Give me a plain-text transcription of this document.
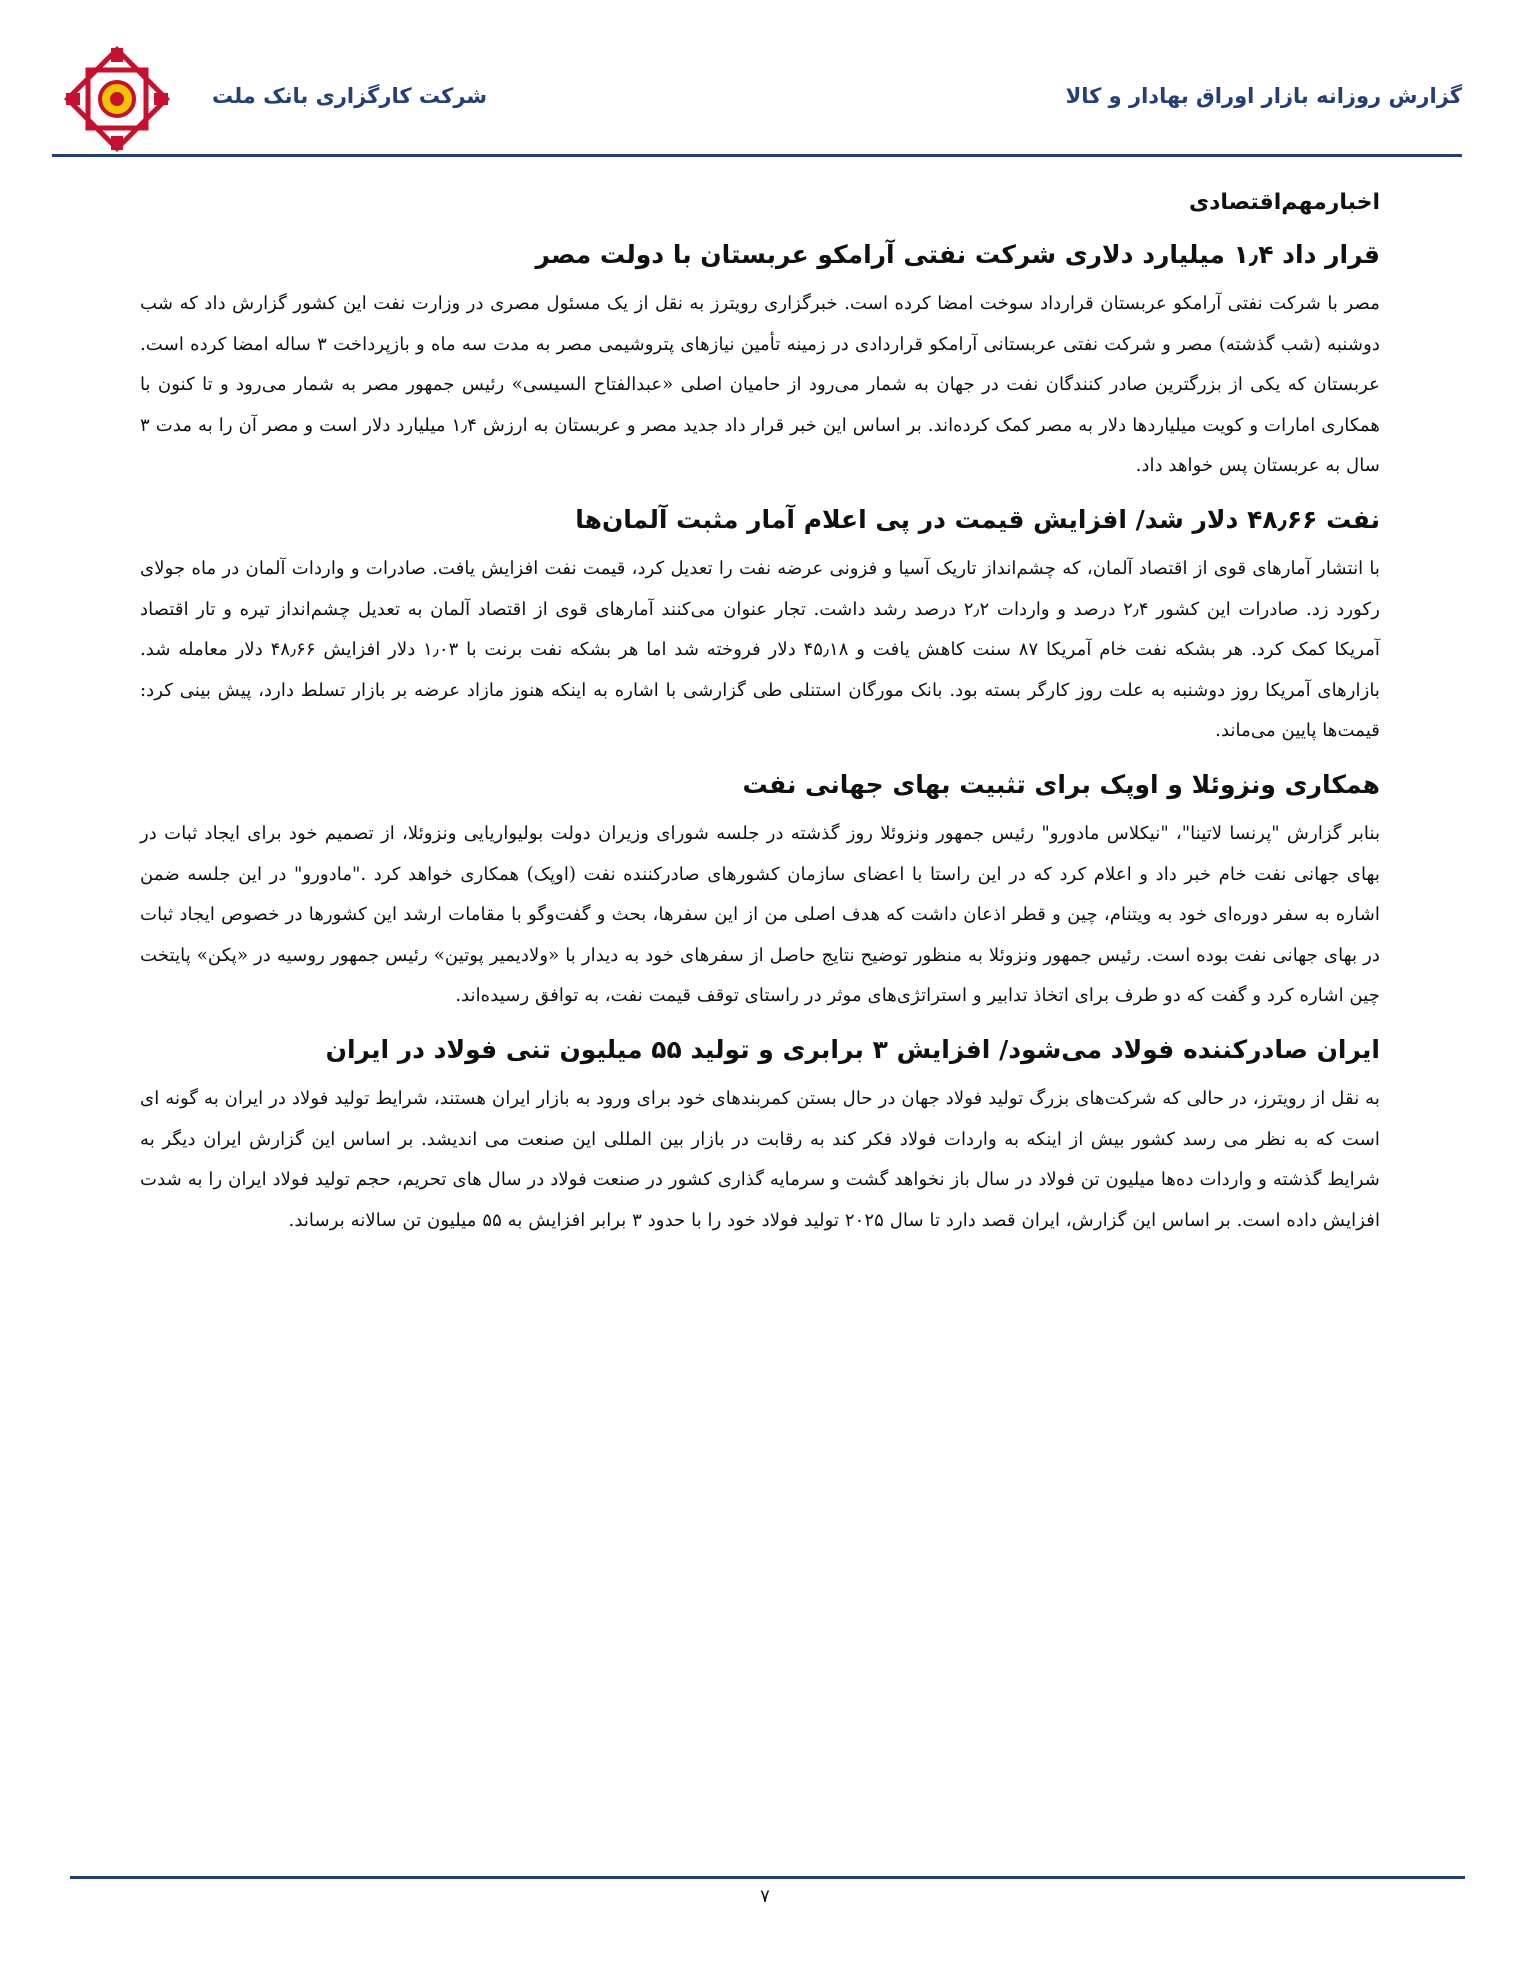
شرکت کارگزاری بانک ملت	گزارش روزانه بازار اوراق بهادار و کالا
اخبارمهم‌اقتصادی
قرار داد ۱٫۴ میلیارد دلاری شرکت نفتی آرامکو عربستان با دولت مصر

مصر با شرکت نفتی آرامکو عربستان قرارداد سوخت امضا کرده است. خبرگزاری رویترز به نقل از یک مسئول مصری در وزارت نفت این کشور گزارش داد که شب دوشنبه (شب گذشته) مصر و شرکت نفتی عربستانی آرامکو قراردادی در زمینه تأمین نیازهای پتروشیمی مصر به مدت سه ماه و بازپرداخت ۳ ساله امضا کرده است. عربستان که یکی از بزرگترین صادر کنندگان نفت در جهان به شمار می‌رود از حامیان اصلی «عبدالفتاح السیسی» رئیس جمهور مصر به شمار می‌رود و تا کنون با همکاری امارات و کویت میلیاردها دلار به مصر کمک کرده‌اند. بر اساس این خبر قرار داد جدید مصر و عربستان به ارزش ۱٫۴ میلیارد دلار است و مصر آن را به مدت ۳ سال به عربستان پس خواهد داد.

نفت ۴۸٫۶۶ دلار شد/ افزایش قیمت در پی اعلام آمار مثبت آلمان‌ها

با انتشار آمارهای قوی از اقتصاد آلمان، که چشم‌انداز تاریک آسیا و فزونی عرضه نفت را تعدیل کرد، قیمت نفت افزایش یافت. صادرات و واردات آلمان در ماه جولای رکورد زد. صادرات این کشور ۲٫۴ درصد و واردات ۲٫۲ درصد رشد داشت. تجار عنوان می‌کنند آمارهای قوی از اقتصاد آلمان به تعدیل چشم‌انداز تیره و تار اقتصاد آمریکا کمک کرد. هر بشکه نفت خام آمریکا ۸۷ سنت کاهش یافت و ۴۵٫۱۸ دلار فروخته شد اما هر بشکه نفت برنت با ۱٫۰۳ دلار افزایش ۴۸٫۶۶ دلار معامله شد. بازارهای آمریکا روز دوشنبه به علت روز کارگر بسته بود. بانک مورگان استنلی طی گزارشی با اشاره به اینکه هنوز مازاد عرضه بر بازار تسلط دارد، پیش بینی کرد: قیمت‌ها پایین می‌ماند.

همکاری ونزوئلا و اوپک برای تثبیت بهای جهانی نفت

بنابر گزارش "پرنسا لاتینا"، "نیکلاس مادورو" رئیس جمهور ونزوئلا روز گذشته در جلسه شورای وزیران دولت بولیواریایی ونزوئلا، از تصمیم خود برای ایجاد ثبات در بهای جهانی نفت خام خبر داد و اعلام کرد که در این راستا با اعضای سازمان کشورهای صادرکننده نفت (اوپک) همکاری خواهد کرد ."مادورو" در این جلسه ضمن اشاره به سفر دوره‌ای خود به ویتنام، چین و قطر اذعان داشت که هدف اصلی من از این سفرها، بحث و گفت‌وگو با مقامات ارشد این کشورها در خصوص ایجاد ثبات در بهای جهانی نفت بوده است. رئیس جمهور ونزوئلا به منظور توضیح نتایج حاصل از سفرهای خود به دیدار با «ولادیمیر پوتین» رئیس جمهور روسیه در «پکن» پایتخت چین اشاره کرد و گفت که دو طرف برای اتخاذ تدابیر و استراتژی‌های موثر در راستای توقف قیمت نفت، به توافق رسیده‌اند.

ایران صادرکننده فولاد می‌شود/ افزایش ۳ برابری و تولید ۵۵ میلیون تنی فولاد در ایران

به نقل از رویترز، در حالی که شرکت‌های بزرگ تولید فولاد جهان در حال بستن کمربندهای خود برای ورود به بازار ایران هستند، شرایط تولید فولاد در ایران به گونه ای است که به نظر می رسد کشور بیش از اینکه به واردات فولاد فکر کند به رقابت در بازار بین المللی این صنعت می اندیشد. بر اساس این گزارش ایران دیگر به شرایط گذشته و واردات ده‌ها میلیون تن فولاد در سال باز نخواهد گشت و سرمایه گذاری کشور در صنعت فولاد در سال های تحریم، حجم تولید فولاد ایران را به شدت افزایش داده است. بر اساس این گزارش، ایران قصد دارد تا سال ۲۰۲۵ تولید فولاد خود را با حدود ۳ برابر افزایش به ۵۵ میلیون تن سالانه برساند.

۷
